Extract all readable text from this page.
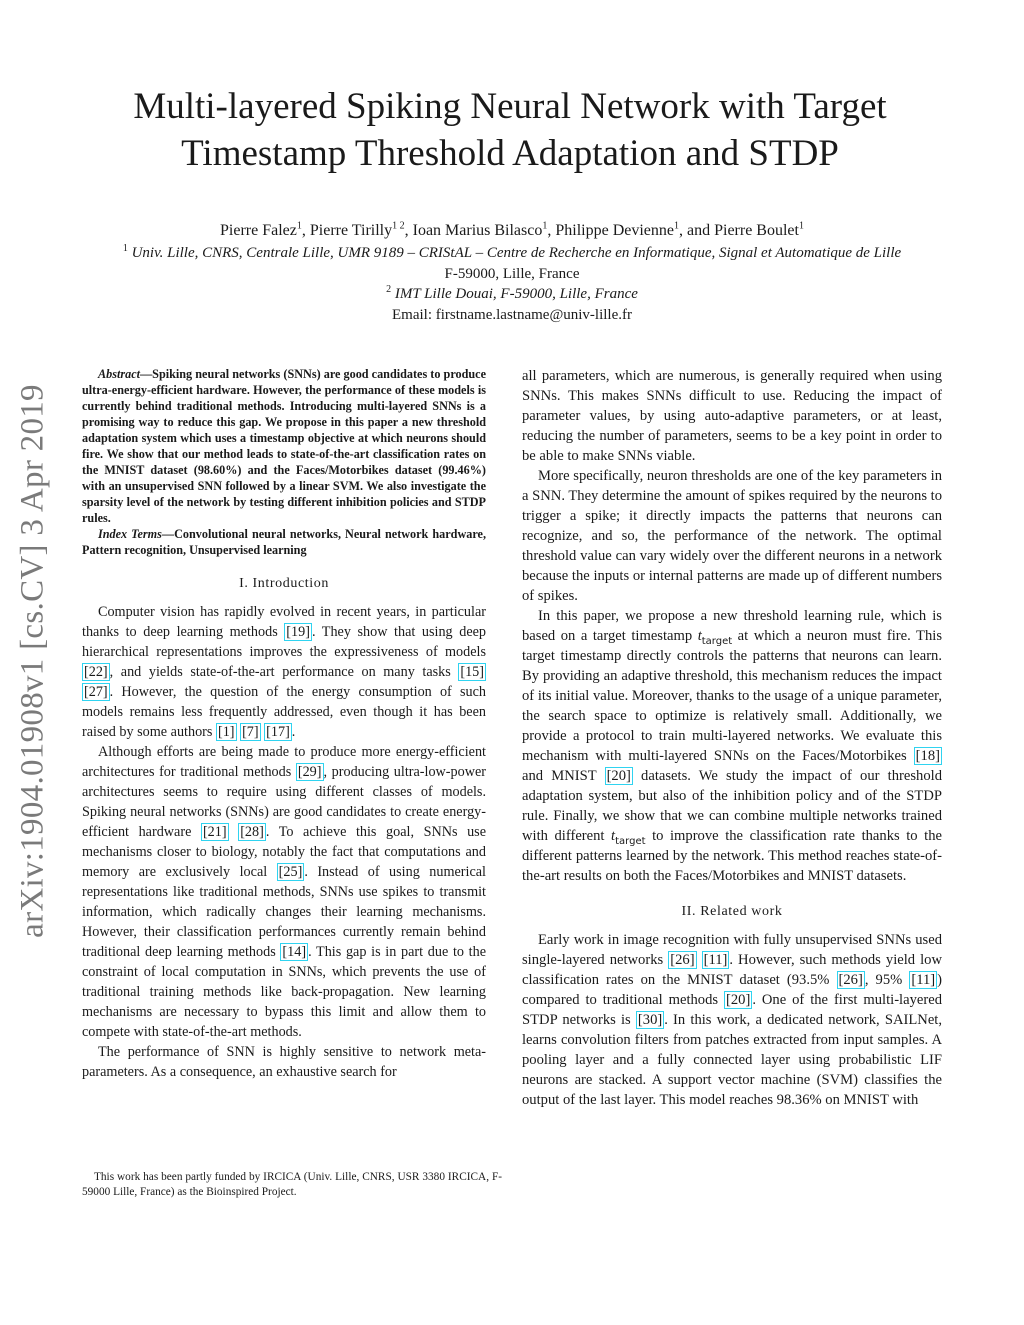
arXiv:1904.01908v1 [cs.CV] 3 Apr 2019
Multi-layered Spiking Neural Network with Target
Timestamp Threshold Adaptation and STDP
Pierre Falez$^1$, Pierre Tirilly$^{1 2}$, Ioan Marius Bilasco$^1$, Philippe Devienne$^1$, and Pierre Boulet$^1$
$^1$ Univ. Lille, CNRS, Centrale Lille, UMR 9189 – CRIStAL – Centre de Recherche en Informatique, Signal et Automatique de Lille
F-59000, Lille, France
$^2$ IMT Lille Douai, F-59000, Lille, France
Email: firstname.lastname@univ-lille.fr

Abstract—Spiking neural networks (SNNs) are good candidates to produce ultra-energy-efficient hardware. However, the performance of these models is currently behind traditional methods. Introducing multi-layered SNNs is a promising way to reduce this gap. We propose in this paper a new threshold adaptation system which uses a timestamp objective at which neurons should fire. We show that our method leads to state-of-the-art classification rates on the MNIST dataset (98.60%) and the Faces/Motorbikes dataset (99.46%) with an unsupervised SNN followed by a linear SVM. We also investigate the sparsity level of the network by testing different inhibition policies and STDP rules.

Index Terms—Convolutional neural networks, Neural network hardware, Pattern recognition, Unsupervised learning

I. Introduction

Computer vision has rapidly evolved in recent years, in particular thanks to deep learning methods [19] . They show that using deep hierarchical representations improves the expressiveness of models [22] , and yields state-of-the-art performance on many tasks [15] [27] . However, the question of the energy consumption of such models remains less frequently addressed, even though it has been raised by some authors [1] [7] [17] .

Although efforts are being made to produce more energy-efficient architectures for traditional methods [29] , producing ultra-low-power architectures seems to require using different classes of models. Spiking neural networks (SNNs) are good candidates to create energy-efficient hardware [21] [28] . To achieve this goal, SNNs use mechanisms closer to biology, notably the fact that computations and memory are exclusively local [25] . Instead of using numerical representations like traditional methods, SNNs use spikes to transmit information, which radically changes their learning mechanisms. However, their classification performances currently remain behind traditional deep learning methods [14] . This gap is in part due to the constraint of local computation in SNNs, which prevents the use of traditional training methods like back-propagation. New learning mechanisms are necessary to bypass this limit and allow them to compete with state-of-the-art methods.

The performance of SNN is highly sensitive to network meta-parameters. As a consequence, an exhaustive search for

This work has been partly funded by IRCICA (Univ. Lille, CNRS, USR 3380 IRCICA, F-59000 Lille, France) as the Bioinspired Project.

all parameters, which are numerous, is generally required when using SNNs. This makes SNNs difficult to use. Reducing the impact of parameter values, by using auto-adaptive parameters, or at least, reducing the number of parameters, seems to be a key point in order to be able to make SNNs viable.

More specifically, neuron thresholds are one of the key parameters in a SNN. They determine the amount of spikes required by the neurons to trigger a spike; it directly impacts the patterns that neurons can recognize, and so, the performance of the network. The optimal threshold value can vary widely over the different neurons in a network because the inputs or internal patterns are made up of different numbers of spikes.

In this paper, we propose a new threshold learning rule, which is based on a target timestamp $t_{target}$ at which a neuron must fire. This target timestamp directly controls the patterns that neurons can learn. By providing an adaptive threshold, this mechanism reduces the impact of its initial value. Moreover, thanks to the usage of a unique parameter, the search space to optimize is relatively small. Additionally, we provide a protocol to train multi-layered networks. We evaluate this mechanism with multi-layered SNNs on the Faces/Motorbikes [18] and MNIST [20] datasets. We study the impact of our threshold adaptation system, but also of the inhibition policy and of the STDP rule. Finally, we show that we can combine multiple networks trained with different $t_{target}$ to improve the classification rate thanks to the different patterns learned by the network. This method reaches state-of-the-art results on both the Faces/Motorbikes and MNIST datasets.

II. Related work

Early work in image recognition with fully unsupervised SNNs used single-layered networks [26] [11] . However, such methods yield low classification rates on the MNIST dataset (93.5% [26] , 95% [11] ) compared to traditional methods [20] . One of the first multi-layered STDP networks is [30] . In this work, a dedicated network, SAILNet, learns convolution filters from patches extracted from input samples. A pooling layer and a fully connected layer using probabilistic LIF neurons are stacked. A support vector machine (SVM) classifies the output of the last layer. This model reaches 98.36% on MNIST with
